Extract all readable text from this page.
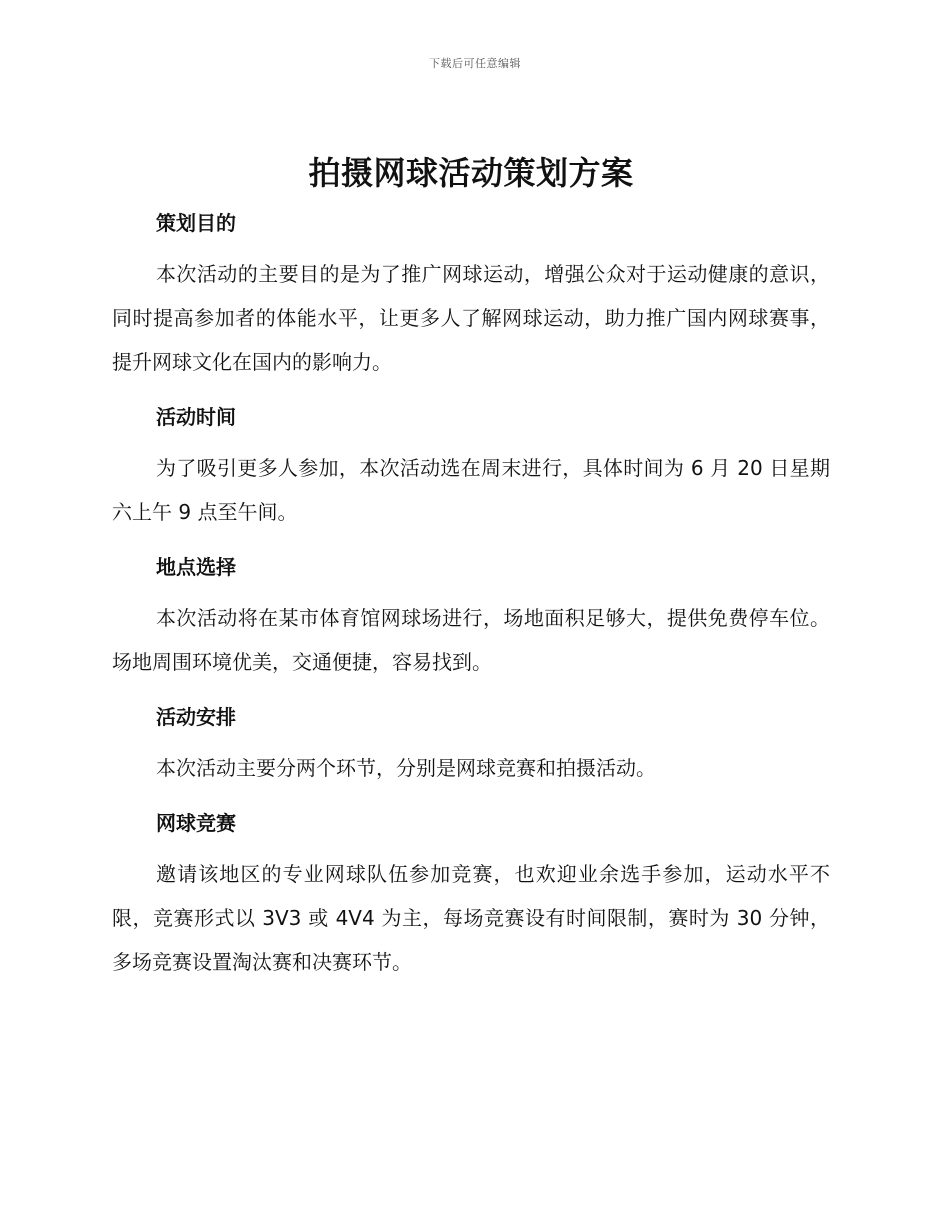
下载后可任意编辑
拍摄网球活动策划方案
策划目的

本次活动的主要目的是为了推广网球运动，增强公众对于运动健康的意识，同时提高参加者的体能水平，让更多人了解网球运动，助力推广国内网球赛事，提升网球文化在国内的影响力。

活动时间

为了吸引更多人参加，本次活动选在周末进行，具体时间为 6 月 20 日星期六上午 9 点至午间。

地点选择

本次活动将在某市体育馆网球场进行，场地面积足够大，提供免费停车位。场地周围环境优美，交通便捷，容易找到。

活动安排

本次活动主要分两个环节，分别是网球竞赛和拍摄活动。

网球竞赛

邀请该地区的专业网球队伍参加竞赛，也欢迎业余选手参加，运动水平不限，竞赛形式以 3V3 或 4V4 为主，每场竞赛设有时间限制，赛时为 30 分钟，多场竞赛设置淘汰赛和决赛环节。
